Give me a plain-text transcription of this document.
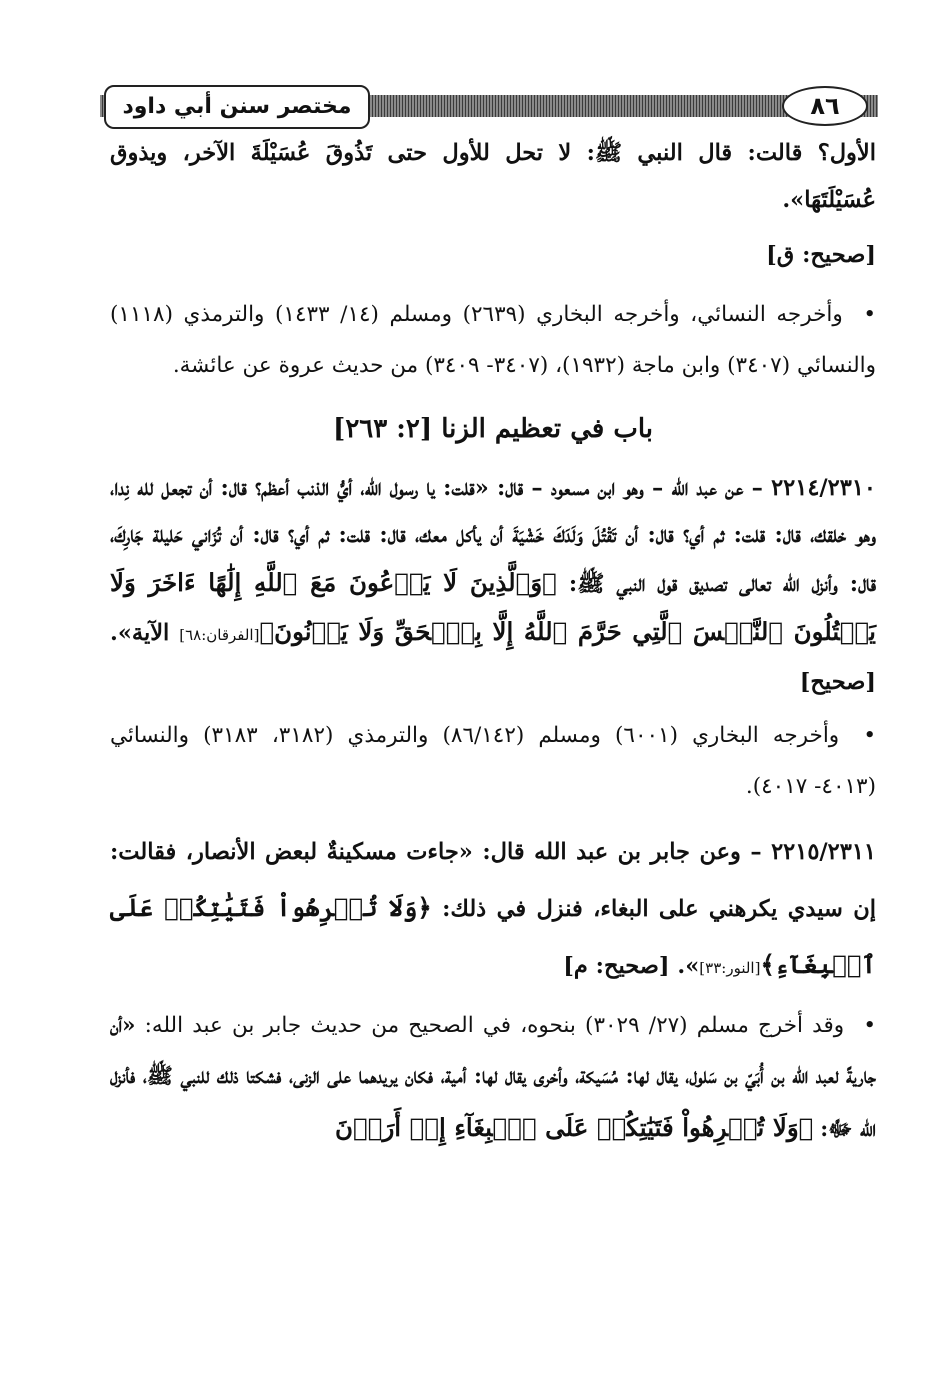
٨٦
مختصر سنن أبي داود

الأول؟ قالت: قال النبي ﷺ: لا تحل للأول حتى تَذُوقَ عُسَيْلَةَ الآخر، ويذوق عُسَيْلَتَهَا».

[صحيح: ق]

• وأخرجه النسائي، وأخرجه البخاري (٢٦٣٩) ومسلم (١٤/ ١٤٣٣) والترمذي (١١١٨) والنسائي (٣٤٠٧) وابن ماجة (١٩٣٢)، (٣٤٠٧- ٣٤٠٩) من حديث عروة عن عائشة.

باب في تعظيم الزنا [٢: ٢٦٣]

٢٢١٤/٢٣١٠ – عن عبد الله – وهو ابن مسعود – قال: «قلت: يا رسول الله، أيُّ الذنب أعظم؟ قال: أن تجعل لله نِدا، وهو خلقك، قال: قلت: ثم أي؟ قال: أن تَقْتُلَ وَلَدَكَ خَشْيَةَ أن يأكل معك، قال: قلت: ثم أي؟ قال: أن تُزَاني حَليلة جَارِكَ، قال: وأنزل الله تعالى تصديق قول النبي ﷺ: ﴿وَٱلَّذِينَ لَا يَدۡعُونَ مَعَ ٱللَّهِ إِلَٰهًا ءَاخَرَ وَلَا يَقۡتُلُونَ ٱلنَّفۡسَ ٱلَّتِي حَرَّمَ ٱللَّهُ إِلَّا بِٱلۡحَقِّ وَلَا يَزۡنُونَ﴾[الفرقان:٦٨] الآية». [صحيح]

• وأخرجه البخاري (٦٠٠١) ومسلم (٨٦/١٤٢) والترمذي (٣١٨٢، ٣١٨٣) والنسائي (٤٠١٣- ٤٠١٧).

٢٢١٥/٢٣١١ – وعن جابر بن عبد الله قال: «جاءت مسكينةٌ لبعض الأنصار، فقالت: إن سيدي يكرهني على البغاء، فنزل في ذلك: ﴿وَلَا تُكۡرِهُواْ فَتَيَٰتِكُمۡ عَلَى ٱلۡبِغَآءِ﴾[النور:٣٣]». [صحيح: م]

• وقد أخرج مسلم (٢٧/ ٣٠٢٩) بنحوه، في الصحيح من حديث جابر بن عبد الله: «أن جاريةً لعبد الله بن أُبَيّ بن سَلول، يقال لها: مُسَيكة، وأخرى يقال لها: أمية، فكان يريدهما على الزنى، فشكتا ذلك للنبي ﷺ، فأنزل الله ﷻ: ﴿وَلَا تُكۡرِهُواْ فَتَيَٰتِكُمۡ عَلَى ٱلۡبِغَآءِ إِنۡ أَرَدۡنَ
